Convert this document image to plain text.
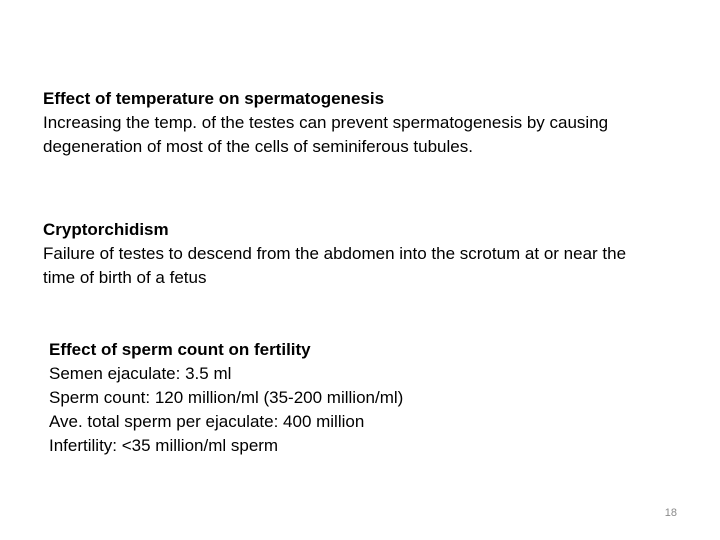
Effect of temperature on spermatogenesis
Increasing the temp. of the testes can prevent spermatogenesis by causing
degeneration of most of the cells of seminiferous tubules.
Cryptorchidism
Failure of testes to descend from the abdomen into the scrotum at or near the
time of birth of a fetus
Effect of sperm count on fertility
Semen ejaculate: 3.5 ml
Sperm count: 120 million/ml (35-200 million/ml)
Ave. total sperm per ejaculate: 400 million
Infertility: <35 million/ml sperm
18
